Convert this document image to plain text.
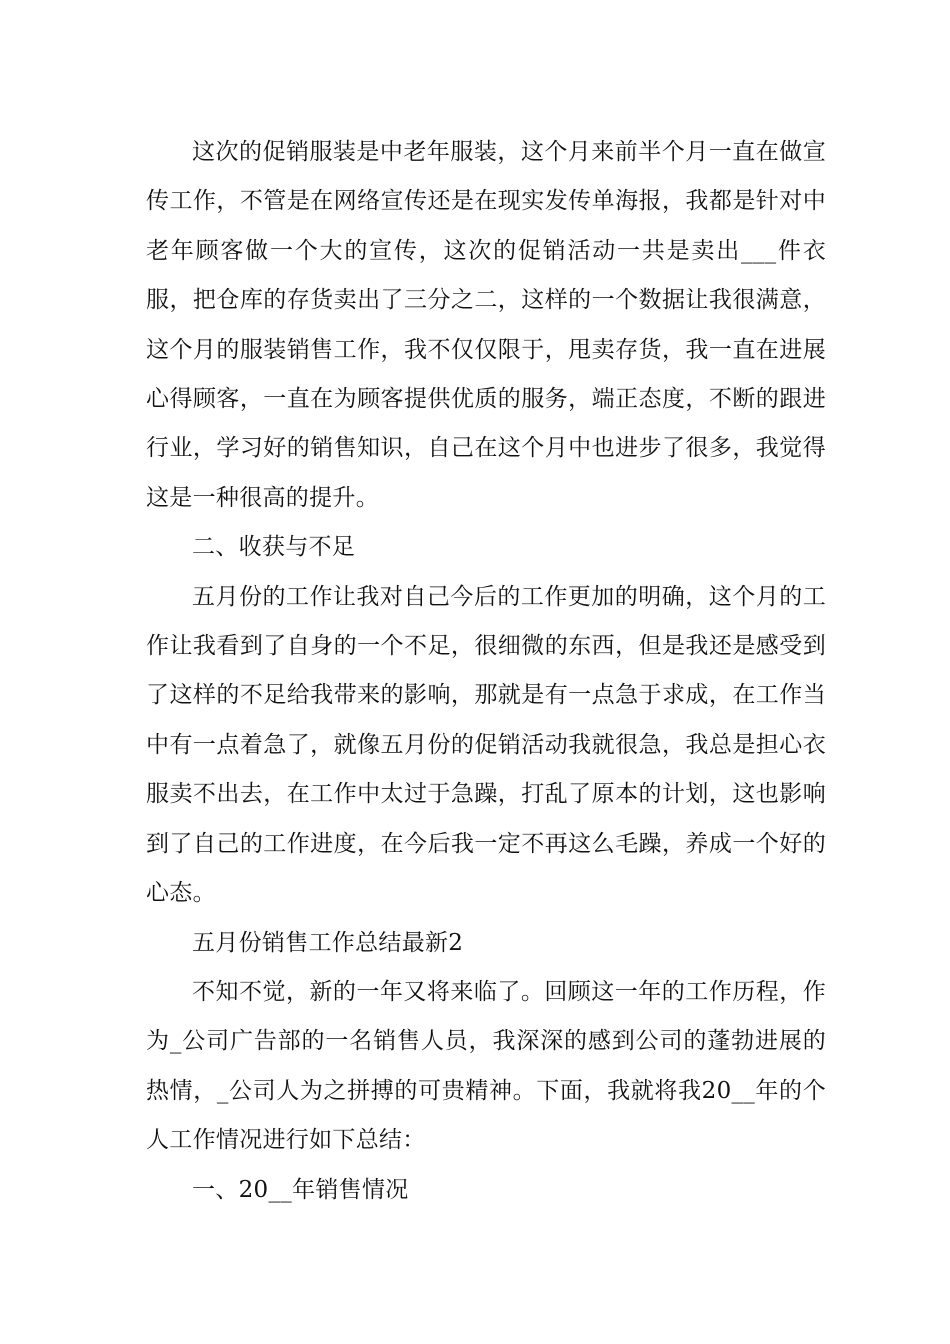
这次的促销服装是中老年服装，这个月来前半个月一直在做宣传工作，不管是在网络宣传还是在现实发传单海报，我都是针对中老年顾客做一个大的宣传，这次的促销活动一共是卖出___件衣服，把仓库的存货卖出了三分之二，这样的一个数据让我很满意，这个月的服装销售工作，我不仅仅限于，甩卖存货，我一直在进展心得顾客，一直在为顾客提供优质的服务，端正态度，不断的跟进行业，学习好的销售知识，自己在这个月中也进步了很多，我觉得这是一种很高的提升。

二、收获与不足

五月份的工作让我对自己今后的工作更加的明确，这个月的工作让我看到了自身的一个不足，很细微的东西，但是我还是感受到了这样的不足给我带来的影响，那就是有一点急于求成，在工作当中有一点着急了，就像五月份的促销活动我就很急，我总是担心衣服卖不出去，在工作中太过于急躁，打乱了原本的计划，这也影响到了自己的工作进度，在今后我一定不再这么毛躁，养成一个好的心态。

五月份销售工作总结最新2

不知不觉，新的一年又将来临了。回顾这一年的工作历程，作为_公司广告部的一名销售人员，我深深的感到公司的蓬勃进展的热情，_公司人为之拼搏的可贵精神。下面，我就将我20__年的个人工作情况进行如下总结：

一、20__年销售情况
